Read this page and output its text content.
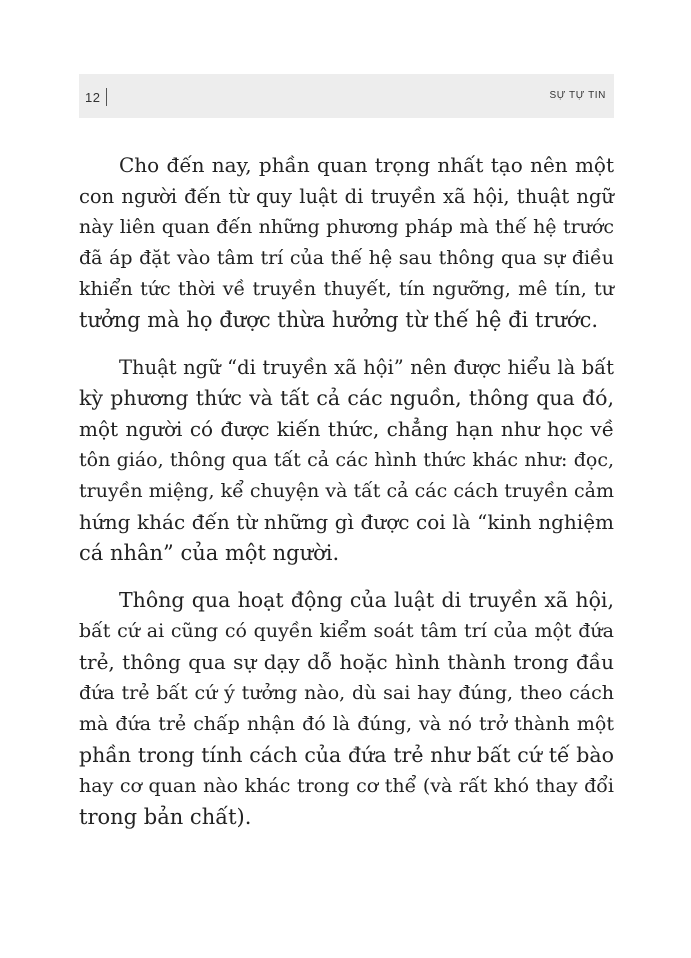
12	SỰ TỰ TIN

Cho đến nay, phần quan trọng nhất tạo nên một
con người đến từ quy luật di truyền xã hội, thuật ngữ
này liên quan đến những phương pháp mà thế hệ trước
đã áp đặt vào tâm trí của thế hệ sau thông qua sự điều
khiển tức thời về truyền thuyết, tín ngưỡng, mê tín, tư
tưởng mà họ được thừa hưởng từ thế hệ đi trước.

Thuật ngữ “di truyền xã hội” nên được hiểu là bất
kỳ phương thức và tất cả các nguồn, thông qua đó,
một người có được kiến thức, chẳng hạn như học về
tôn giáo, thông qua tất cả các hình thức khác như: đọc,
truyền miệng, kể chuyện và tất cả các cách truyền cảm
hứng khác đến từ những gì được coi là “kinh nghiệm
cá nhân” của một người.

Thông qua hoạt động của luật di truyền xã hội,
bất cứ ai cũng có quyền kiểm soát tâm trí của một đứa
trẻ, thông qua sự dạy dỗ hoặc hình thành trong đầu
đứa trẻ bất cứ ý tưởng nào, dù sai hay đúng, theo cách
mà đứa trẻ chấp nhận đó là đúng, và nó trở thành một
phần trong tính cách của đứa trẻ như bất cứ tế bào
hay cơ quan nào khác trong cơ thể (và rất khó thay đổi
trong bản chất).
